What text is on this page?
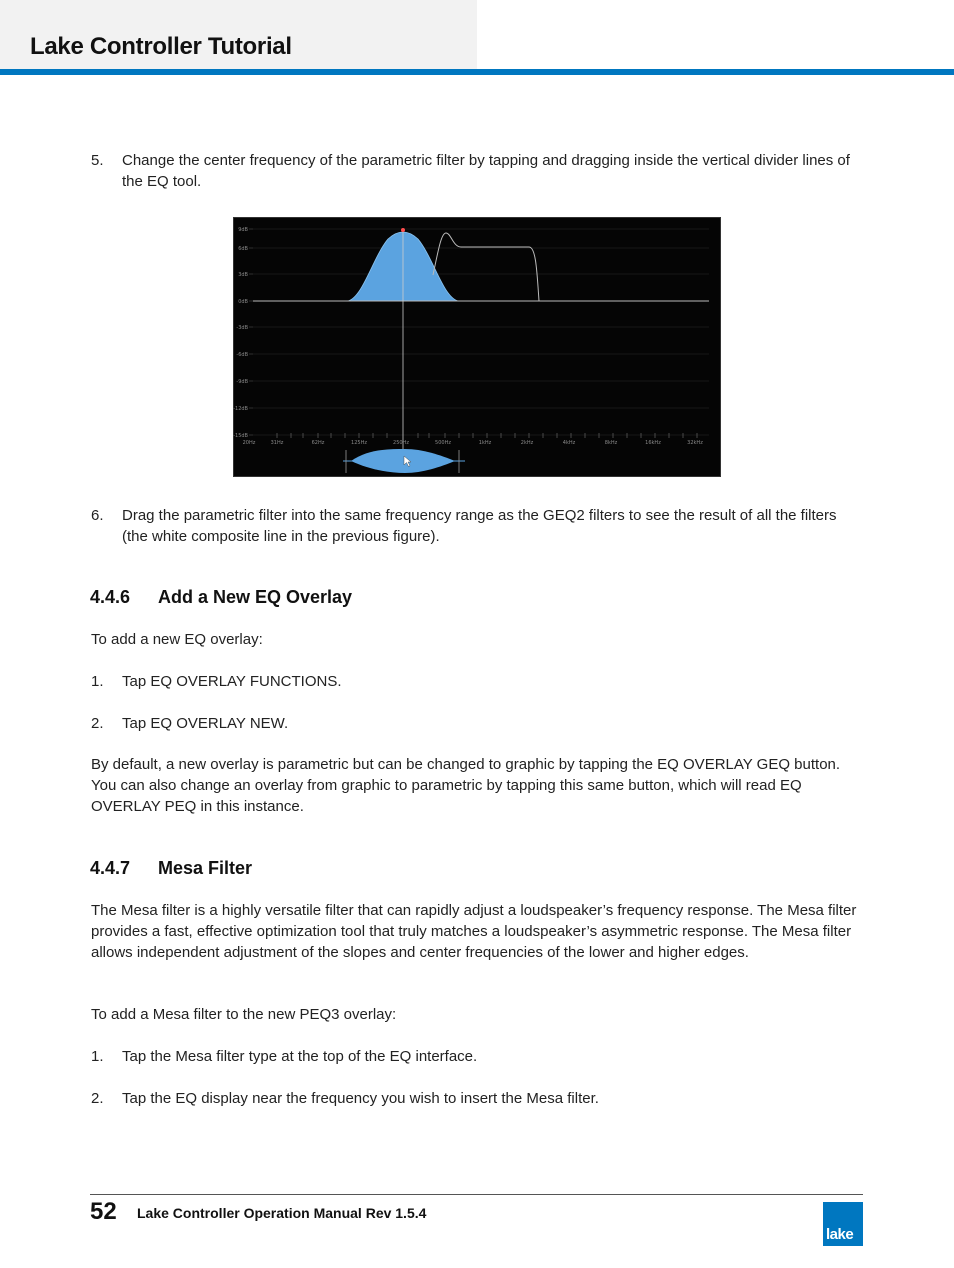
Lake Controller Tutorial
5. Change the center frequency of the parametric filter by tapping and dragging inside the vertical divider lines of the EQ tool.
9dB
6dB
3dB
0dB
-3dB
-6dB
-9dB
-12dB
-15dB
20Hz	31Hz	62Hz	125Hz	250Hz	500Hz	1kHz	2kHz	4kHz	8kHz	16kHz	32kHz
6. Drag the parametric filter into the same frequency range as the GEQ2 filters to see the result of all the filters (the white composite line in the previous figure).
4.4.6 Add a New EQ Overlay

To add a new EQ overlay:

1. Tap EQ OVERLAY FUNCTIONS.
2. Tap EQ OVERLAY NEW.

By default, a new overlay is parametric but can be changed to graphic by tapping the EQ OVERLAY GEQ button. You can also change an overlay from graphic to parametric by tapping this same button, which will read EQ OVERLAY PEQ in this instance.

4.4.7 Mesa Filter

The Mesa filter is a highly versatile filter that can rapidly adjust a loudspeaker’s frequency response. The Mesa filter provides a fast, effective optimization tool that truly matches a loudspeaker’s asymmetric response. The Mesa filter allows independent adjustment of the slopes and center frequencies of the lower and higher edges.

To add a Mesa filter to the new PEQ3 overlay:

1. Tap the Mesa filter type at the top of the EQ interface.
2. Tap the EQ display near the frequency you wish to insert the Mesa filter.
52 Lake Controller Operation Manual Rev 1.5.4
lake
